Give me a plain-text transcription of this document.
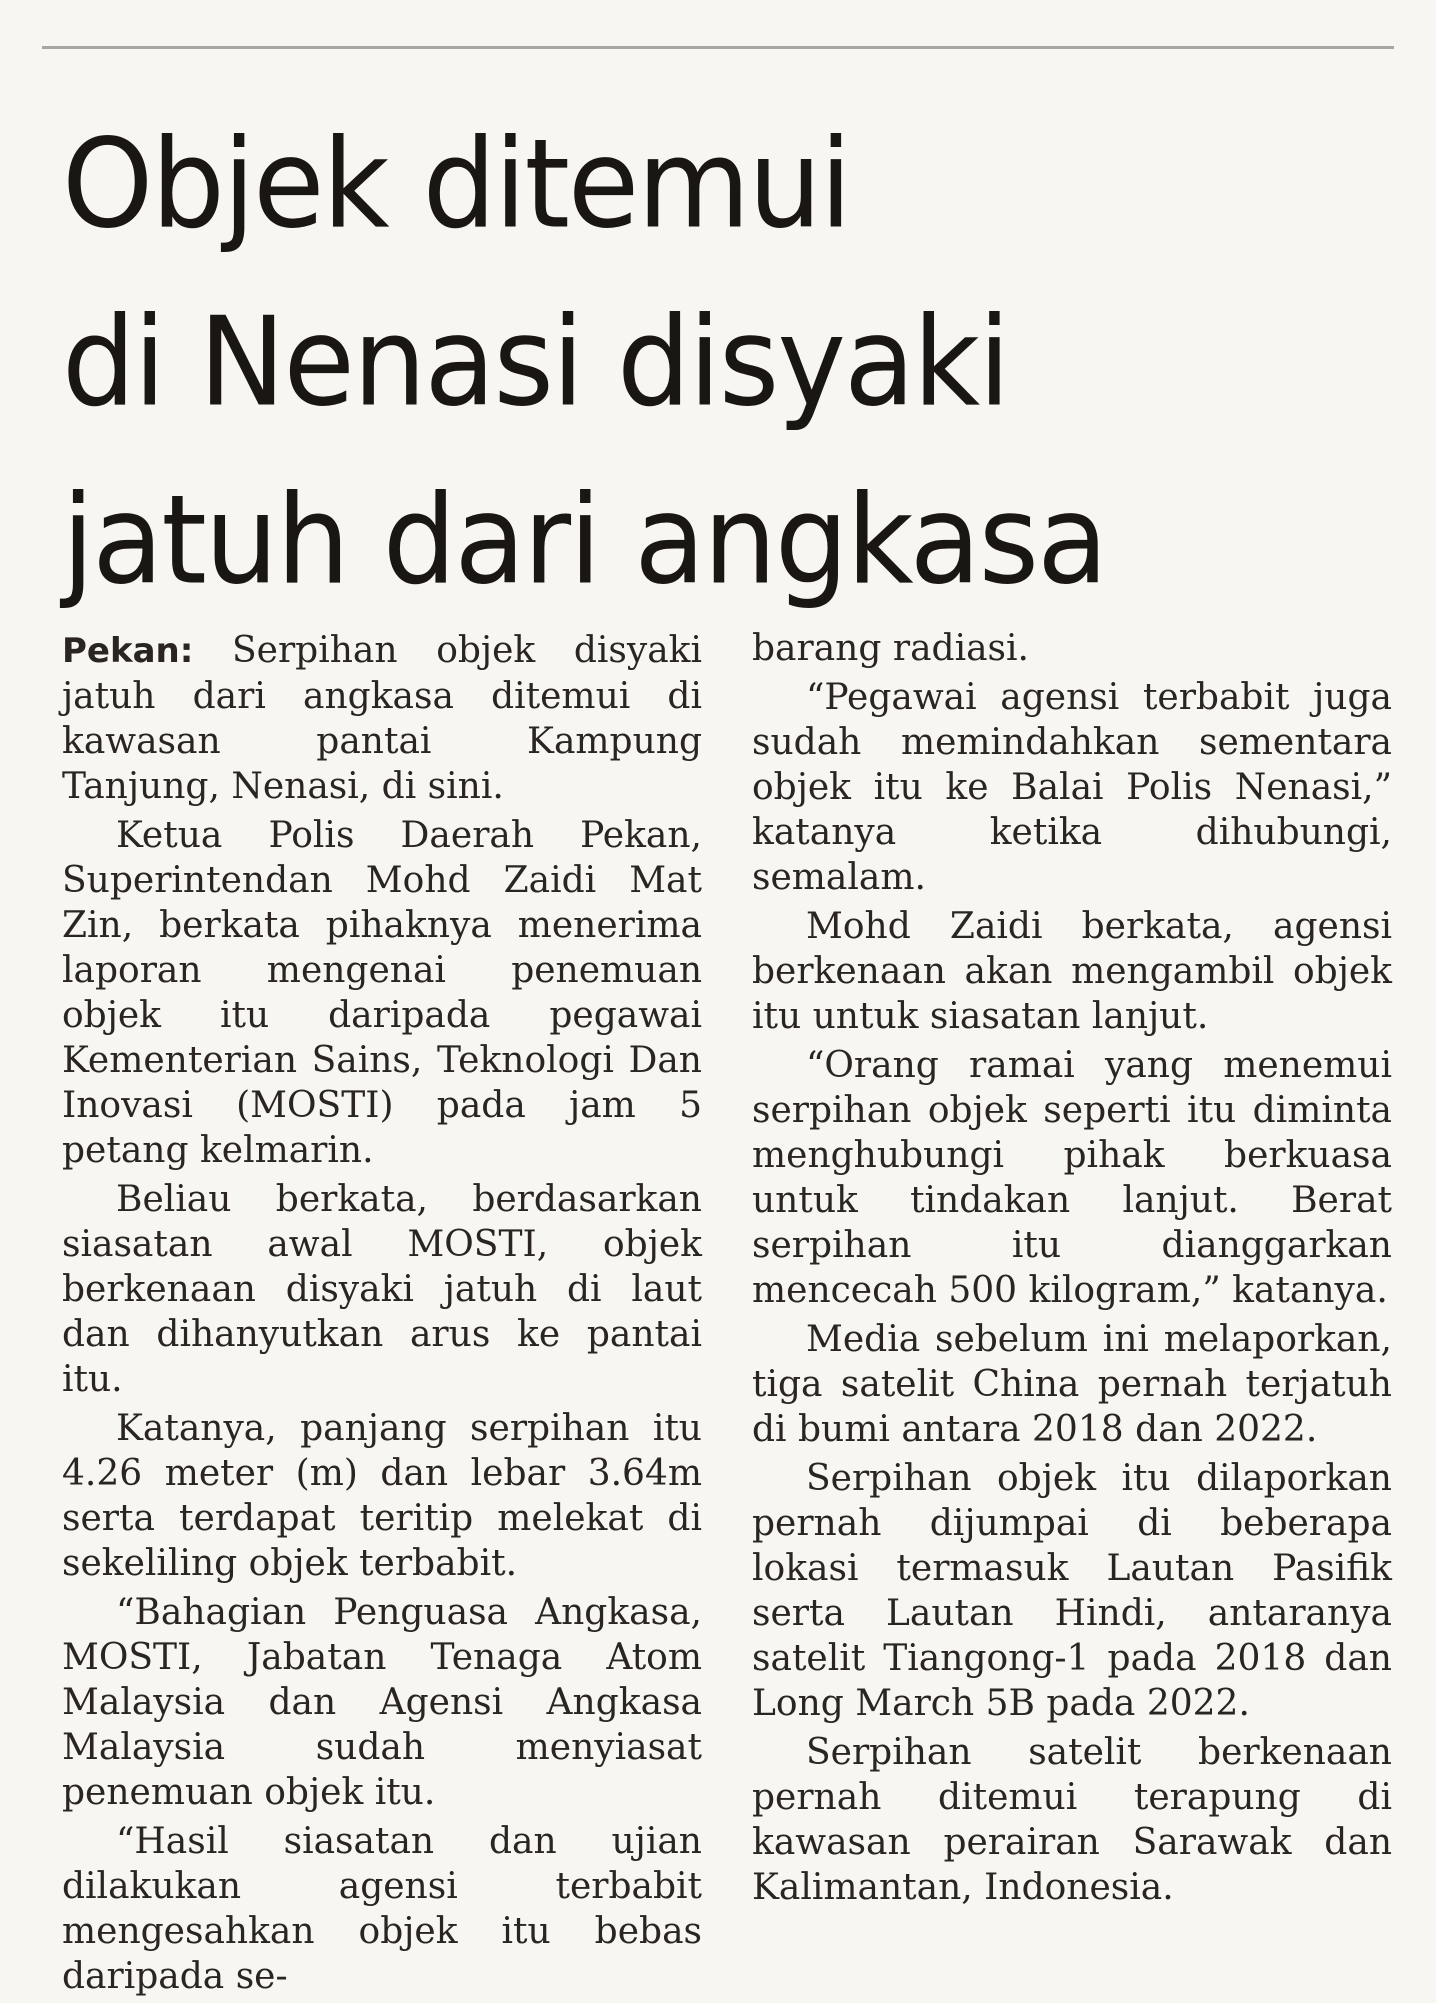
Objek ditemui
di Nenasi disyaki
jatuh dari angkasa

Pekan: Serpihan objek disyaki jatuh dari angkasa ditemui di kawasan pantai Kampung Tanjung, Nenasi, di sini.

Ketua Polis Daerah Pekan, Superintendan Mohd Zaidi Mat Zin, berkata pihaknya menerima laporan mengenai penemuan objek itu daripada pegawai Kementerian Sains, Teknologi Dan Inovasi (MOSTI) pada jam 5 petang kelmarin.

Beliau berkata, berdasarkan siasatan awal MOSTI, objek berkenaan disyaki jatuh di laut dan dihanyutkan arus ke pantai itu.

Katanya, panjang serpihan itu 4.26 meter (m) dan lebar 3.64m serta terdapat teritip melekat di sekeliling objek terbabit.

“Bahagian Penguasa Angkasa, MOSTI, Jabatan Tenaga Atom Malaysia dan Agensi Angkasa Malaysia sudah menyiasat penemuan objek itu.

“Hasil siasatan dan ujian dilakukan agensi terbabit mengesahkan objek itu bebas daripada se-

barang radiasi.

“Pegawai agensi terbabit juga sudah memindahkan sementara objek itu ke Balai Polis Nenasi,” katanya ketika dihubungi, semalam.

Mohd Zaidi berkata, agensi berkenaan akan mengambil objek itu untuk siasatan lanjut.

“Orang ramai yang menemui serpihan objek seperti itu diminta menghubungi pihak berkuasa untuk tindakan lanjut. Berat serpihan itu dianggarkan mencecah 500 kilogram,” katanya.

Media sebelum ini melaporkan, tiga satelit China pernah terjatuh di bumi antara 2018 dan 2022.

Serpihan objek itu dilaporkan pernah dijumpai di beberapa lokasi termasuk Lautan Pasifik serta Lautan Hindi, antaranya satelit Tiangong-1 pada 2018 dan Long March 5B pada 2022.

Serpihan satelit berkenaan pernah ditemui terapung di kawasan perairan Sarawak dan Kalimantan, Indonesia.
